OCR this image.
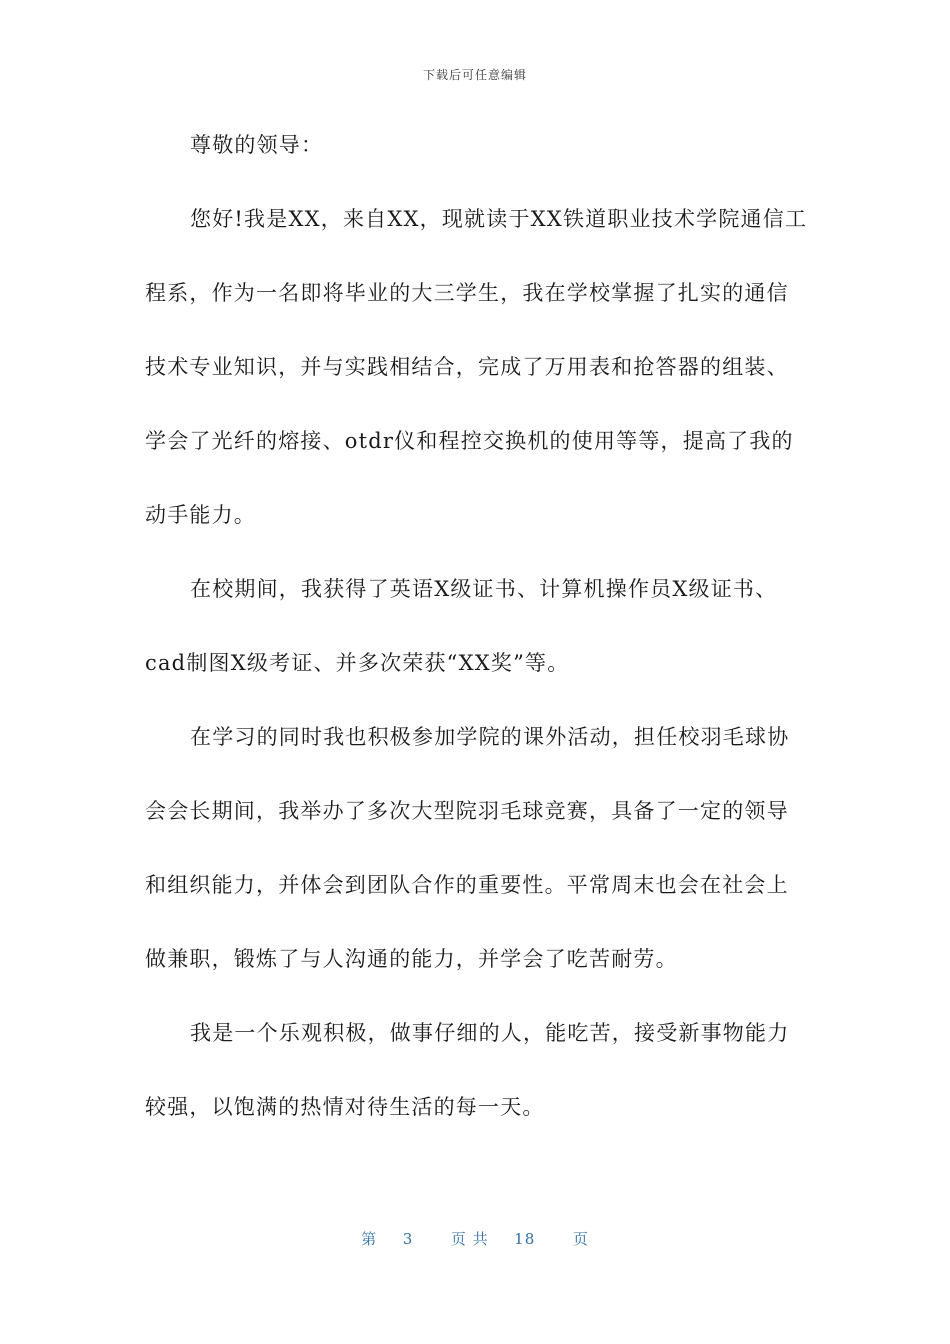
下载后可任意编辑
尊敬的领导：
您好!我是XX，来自XX，现就读于XX铁道职业技术学院通信工
程系，作为一名即将毕业的大三学生，我在学校掌握了扎实的通信
技术专业知识，并与实践相结合，完成了万用表和抢答器的组装、
学会了光纤的熔接、otdr仪和程控交换机的使用等等，提高了我的
动手能力。
在校期间，我获得了英语X级证书、计算机操作员X级证书、
cad制图X级考证、并多次荣获“XX奖”等。
在学习的同时我也积极参加学院的课外活动，担任校羽毛球协
会会长期间，我举办了多次大型院羽毛球竞赛，具备了一定的领导
和组织能力，并体会到团队合作的重要性。平常周末也会在社会上
做兼职，锻炼了与人沟通的能力，并学会了吃苦耐劳。
我是一个乐观积极，做事仔细的人，能吃苦，接受新事物能力
较强，以饱满的热情对待生活的每一天。
第 3	页 共 18	页
